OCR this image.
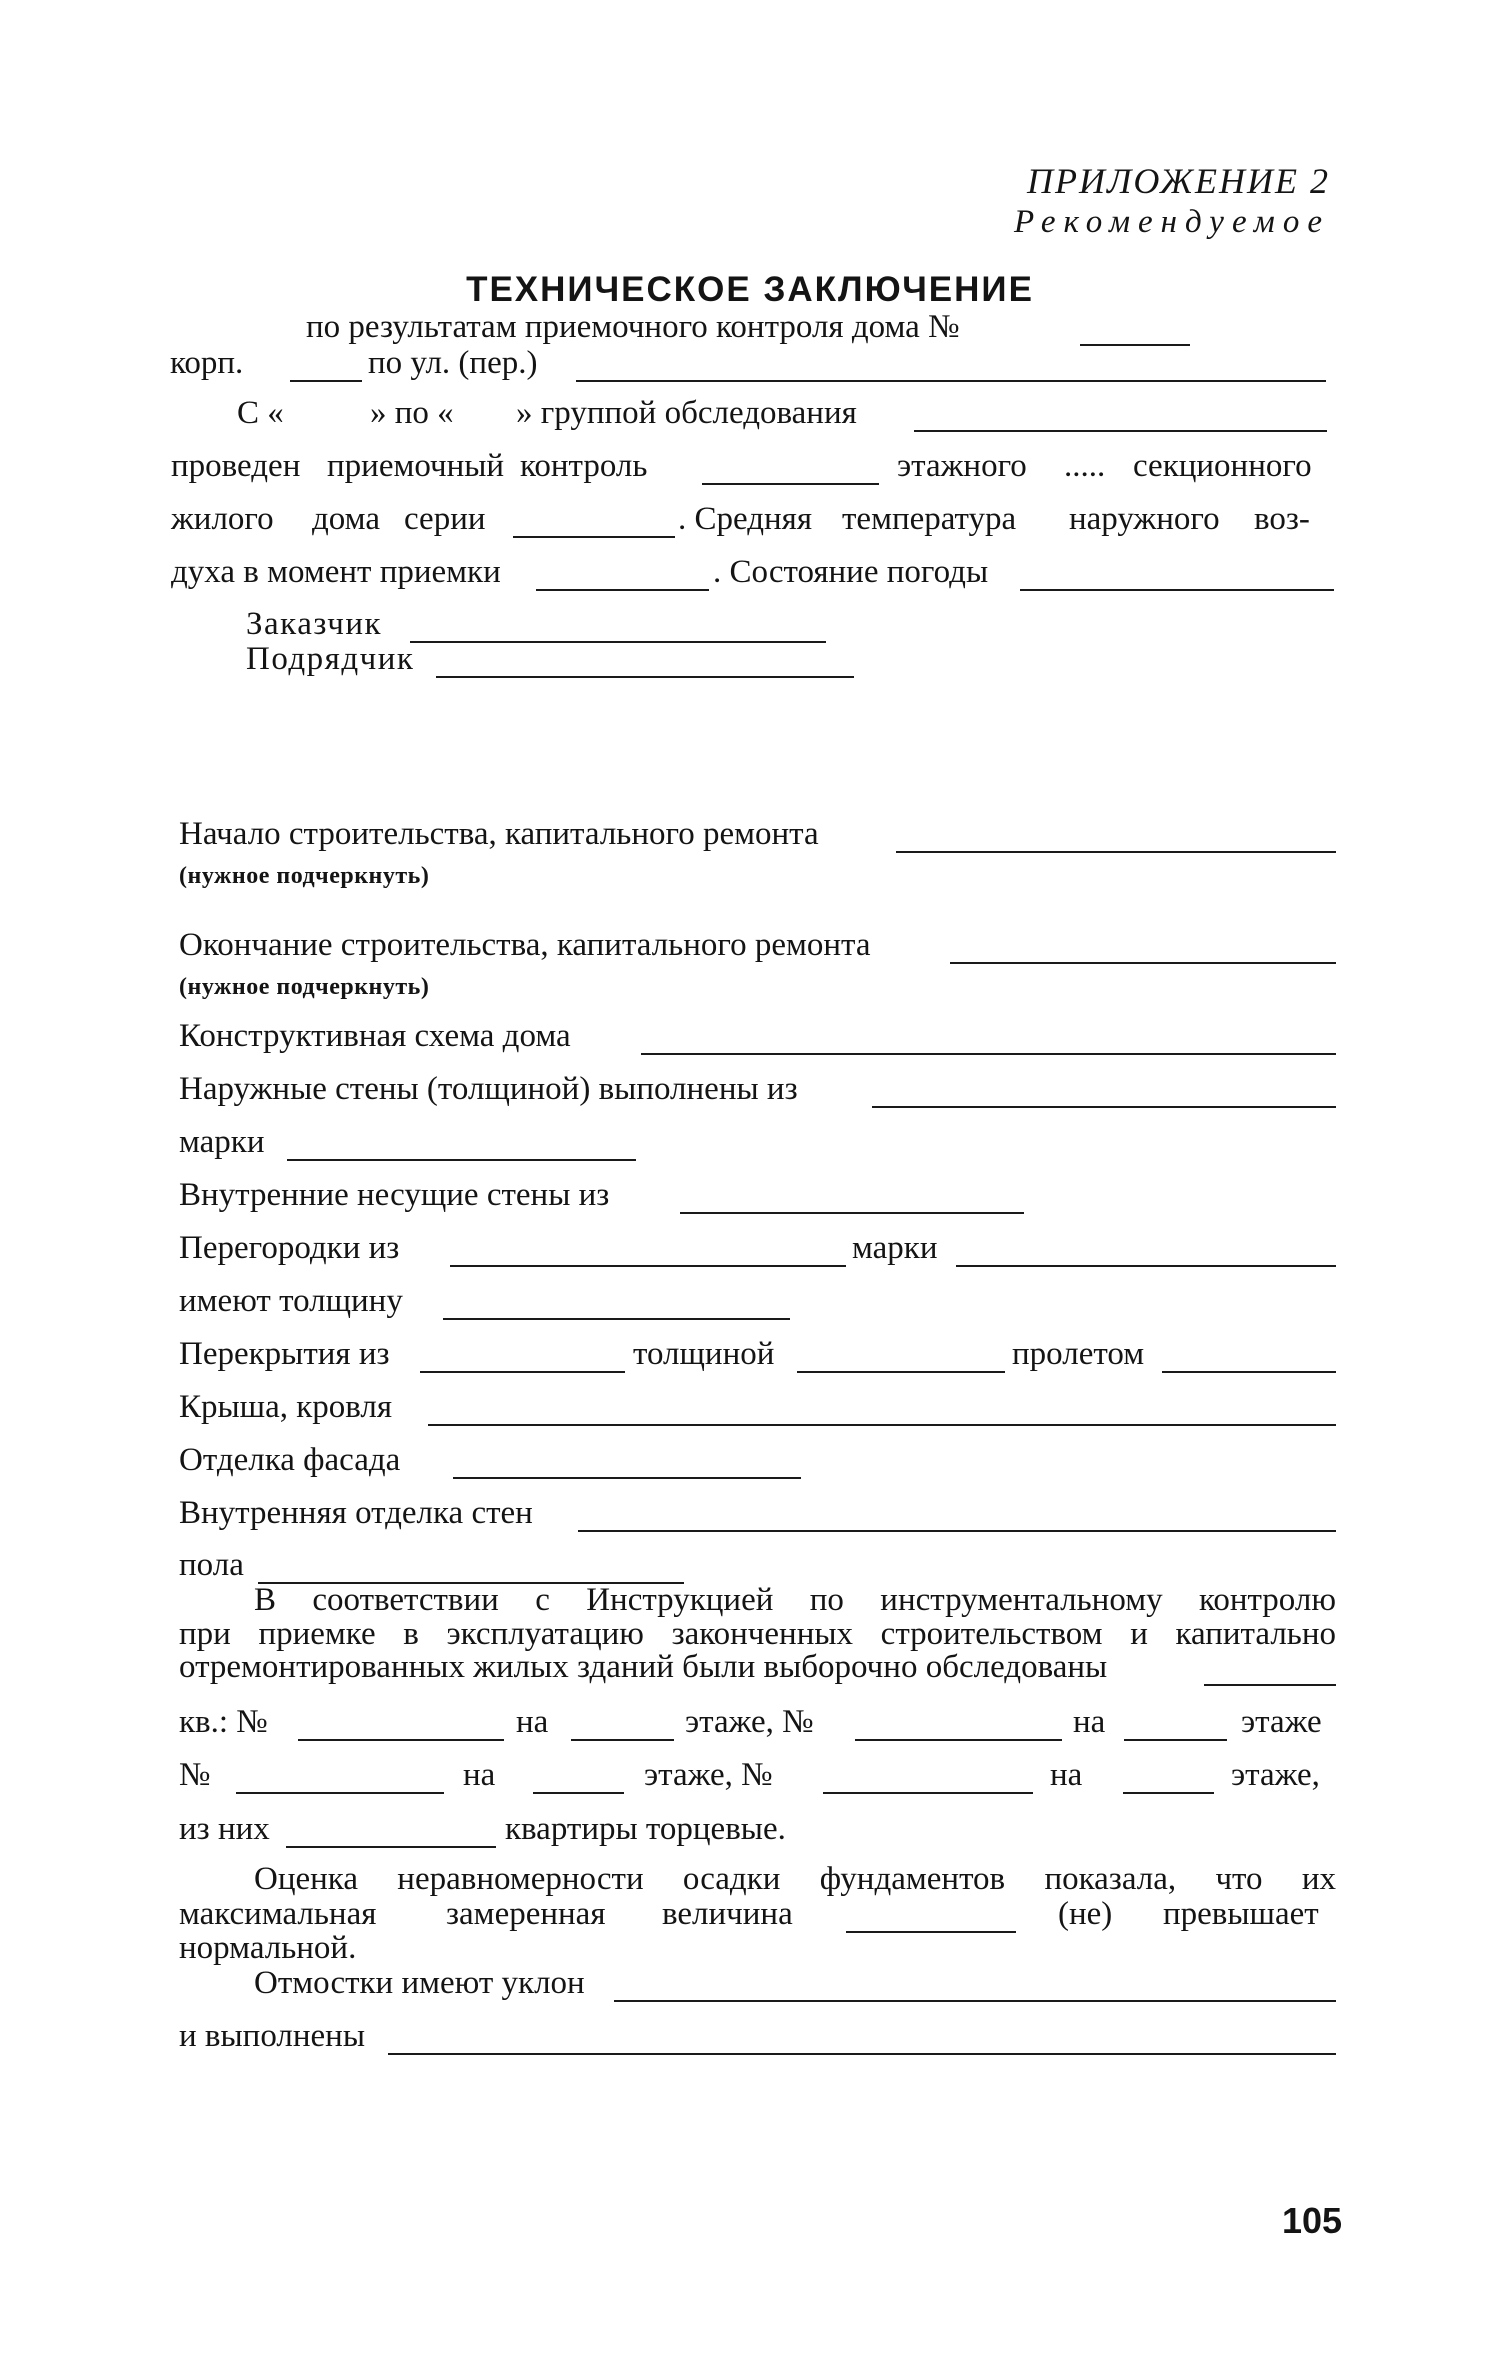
ПРИЛОЖЕНИЕ 2
Рекомендуемое
ТЕХНИЧЕСКОЕ ЗАКЛЮЧЕНИЕ
по результатам приемочного контроля дома №
корп.	по ул. (пер.)
С «	» по « » группой обследования
проведен приемочный контроль	этажного ..... секционного
жилого дома серии	. Средняя температура наружного воз-
духа в момент приемки	. Состояние погоды
Заказчик
Подрядчик
Начало строительства, капитального ремонта
(нужное подчеркнуть)
Окончание строительства, капитального ремонта
(нужное подчеркнуть)
Конструктивная схема дома
Наружные стены (толщиной) выполнены из
марки
Внутренние несущие стены из
Перегородки из	марки
имеют толщину
Перекрытия из	толщиной	пролетом
Крыша, кровля
Отделка фасада
Внутренняя отделка стен
пола
В соответствии с Инструкцией по инструментальному контролю
при приемке в эксплуатацию законченных строительством и капитально
отремонтированных жилых зданий были выборочно обследованы
кв.: №	на	этаже, №	на	этаже
№	на	этаже, №	на	этаже,
из них	квартиры торцевые.
Оценка неравномерности осадки фундаментов показала, что их
максимальная замеренная величина	(не) превышает
нормальной.
Отмостки имеют уклон
и выполнены
105
